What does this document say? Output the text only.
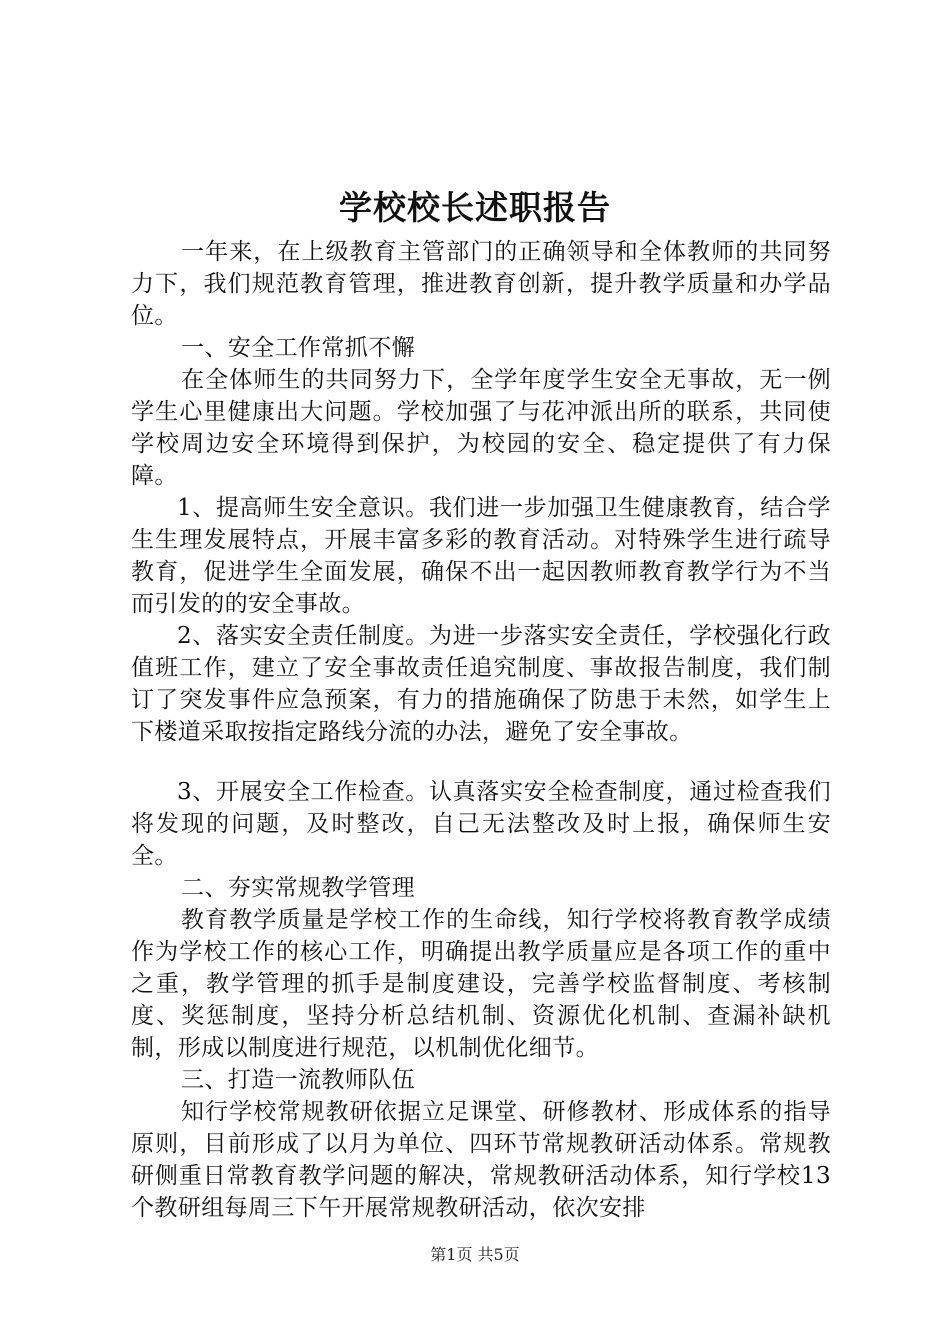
学校校长述职报告

一年来，在上级教育主管部门的正确领导和全体教师的共同努力下，我们规范教育管理，推进教育创新，提升教学质量和办学品位。

一、安全工作常抓不懈

在全体师生的共同努力下，全学年度学生安全无事故，无一例学生心里健康出大问题。学校加强了与花冲派出所的联系，共同使学校周边安全环境得到保护，为校园的安全、稳定提供了有力保障。

1、提高师生安全意识。我们进一步加强卫生健康教育，结合学生生理发展特点，开展丰富多彩的教育活动。对特殊学生进行疏导教育，促进学生全面发展，确保不出一起因教师教育教学行为不当而引发的的安全事故。

2、落实安全责任制度。为进一步落实安全责任，学校强化行政值班工作，建立了安全事故责任追究制度、事故报告制度，我们制订了突发事件应急预案，有力的措施确保了防患于未然，如学生上下楼道采取按指定路线分流的办法，避免了安全事故。

3、开展安全工作检查。认真落实安全检查制度，通过检查我们将发现的问题，及时整改，自己无法整改及时上报，确保师生安全。

二、夯实常规教学管理

教育教学质量是学校工作的生命线，知行学校将教育教学成绩作为学校工作的核心工作，明确提出教学质量应是各项工作的重中之重，教学管理的抓手是制度建设，完善学校监督制度、考核制度、奖惩制度，坚持分析总结机制、资源优化机制、查漏补缺机制，形成以制度进行规范，以机制优化细节。

三、打造一流教师队伍

知行学校常规教研依据立足课堂、研修教材、形成体系的指导原则，目前形成了以月为单位、四环节常规教研活动体系。常规教研侧重日常教育教学问题的解决，常规教研活动体系，知行学校13个教研组每周三下午开展常规教研活动，依次安排

第1页 共5页
